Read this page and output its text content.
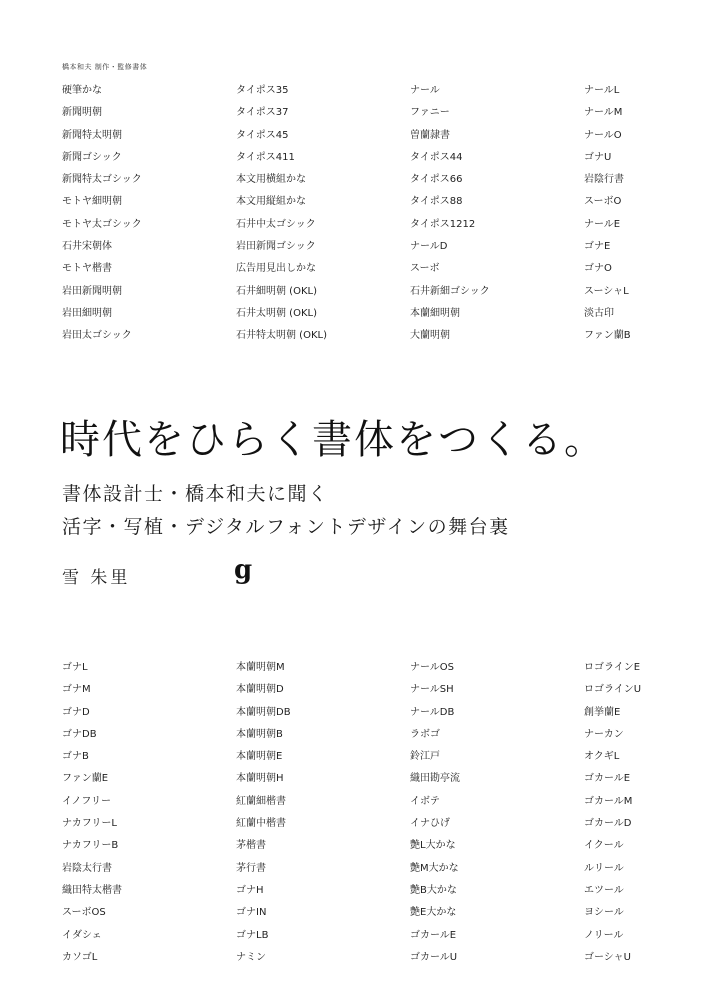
橋本和夫 制作・監修書体
硬筆かな
新聞明朝
新聞特太明朝
新聞ゴシック
新聞特太ゴシック
モトヤ細明朝
モトヤ太ゴシック
石井宋朝体
モトヤ楷書
岩田新聞明朝
岩田細明朝
岩田太ゴシック
タイポス35
タイポス37
タイポス45
タイポス411
本文用横組かな
本文用縦組かな
石井中太ゴシック
岩田新聞ゴシック
広告用見出しかな
石井細明朝 (OKL)
石井太明朝 (OKL)
石井特太明朝 (OKL)
ナール
ファニー
曽蘭隷書
タイポス44
タイポス66
タイポス88
タイポス1212
ナールD
スーボ
石井新細ゴシック
本蘭細明朝
大蘭明朝
ナールL
ナールM
ナールO
ゴナU
岩陰行書
スーボO
ナールE
ゴナE
ゴナO
スーシャL
淡古印
ファン蘭B
時代をひらく書体をつくる。
書体設計士・橋本和夫に聞く
活字・写植・デジタルフォントデザインの舞台裏
雪 朱里	g
ゴナL
ゴナM
ゴナD
ゴナDB
ゴナB
ファン蘭E
イノフリー
ナカフリーL
ナカフリーB
岩陰太行書
織田特太楷書
スーボOS
イダシェ
カソゴL
本蘭明朝M
本蘭明朝D
本蘭明朝DB
本蘭明朝B
本蘭明朝E
本蘭明朝H
紅蘭細楷書
紅蘭中楷書
茅楷書
茅行書
ゴナH
ゴナIN
ゴナLB
ナミン
ナールOS
ナールSH
ナールDB
ラボゴ
鈴江戸
織田勘亭流
イボテ
イナひげ
艶L大かな
艶M大かな
艶B大かな
艶E大かな
ゴカールE
ゴカールU
ロゴラインE
ロゴラインU
創挙蘭E
ナーカン
オクギL
ゴカールE
ゴカールM
ゴカールD
イクール
ルリール
エツール
ヨシール
ノリール
ゴーシャU
